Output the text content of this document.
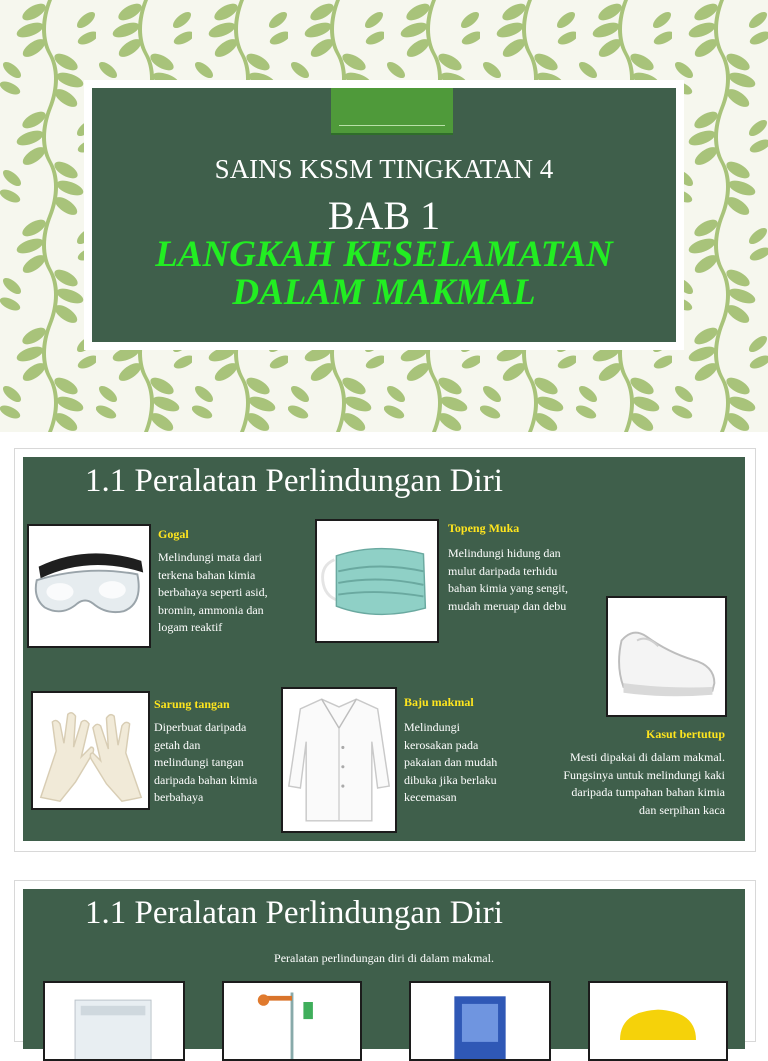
SAINS KSSM TINGKATAN 4
BAB 1
LANGKAH KESELAMATAN
DALAM MAKMAL
1.1 Peralatan Perlindungan Diri
Gogal
Melindungi mata dari
terkena bahan kimia
berbahaya seperti asid,
bromin, ammonia dan
logam reaktif
Topeng Muka
Melindungi hidung dan
mulut daripada terhidu
bahan kimia yang sengit,
mudah meruap dan debu
Sarung tangan
Diperbuat daripada
getah dan
melindungi tangan
daripada bahan kimia
berbahaya
Baju makmal
Melindungi
kerosakan pada
pakaian dan mudah
dibuka jika berlaku
kecemasan
Kasut bertutup
Mesti dipakai di dalam makmal.
Fungsinya untuk melindungi kaki
daripada tumpahan bahan kimia
dan serpihan kaca
1.1 Peralatan Perlindungan Diri
Peralatan perlindungan diri di dalam makmal.
